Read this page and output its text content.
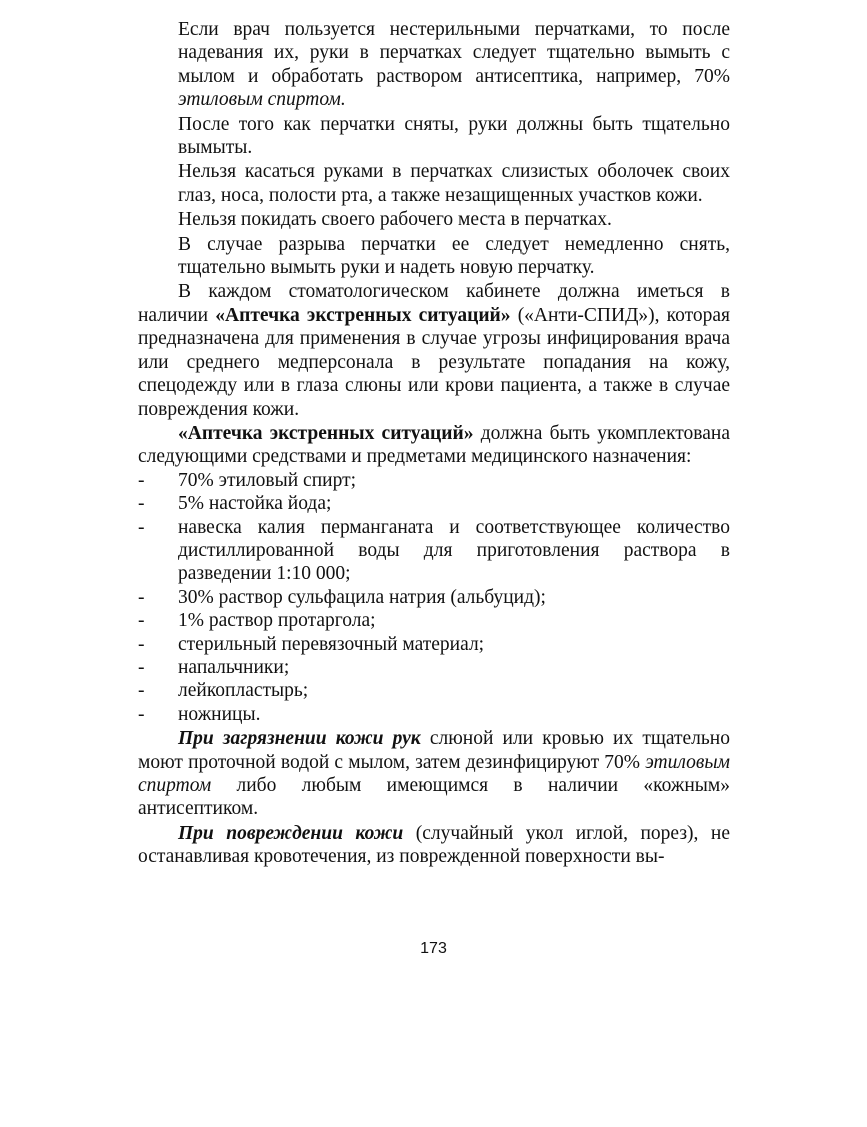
Если врач пользуется нестерильными перчатками, то после надевания их, руки в перчатках следует тщательно вымыть с мылом и обработать раствором антисептика, например, 70% этиловым спиртом.

После того как перчатки сняты, руки должны быть тщательно вымыты.

Нельзя касаться руками в перчатках слизистых оболочек своих глаз, носа, полости рта, а также незащищенных участков кожи.

Нельзя покидать своего рабочего места в перчатках.

В случае разрыва перчатки ее следует немедленно снять, тщательно вымыть руки и надеть новую перчатку.

В каждом стоматологическом кабинете должна иметься в наличии «Аптечка экстренных ситуаций» («Анти-СПИД»), которая предназначена для применения в случае угрозы инфицирования врача или среднего медперсонала в результате попадания на кожу, спецодежду или в глаза слюны или крови пациента, а также в случае повреждения кожи.

«Аптечка экстренных ситуаций» должна быть укомплектована следующими средствами и предметами медицинского назначения:

- 70% этиловый спирт;
- 5% настойка йода;
- навеска калия перманганата и соответствующее количество дистиллированной воды для приготовления раствора в разведении 1:10 000;
- 30% раствор сульфацила натрия (альбуцид);
- 1% раствор протаргола;
- стерильный перевязочный материал;
- напальчники;
- лейкопластырь;
- ножницы.

При загрязнении кожи рук слюной или кровью их тщательно моют проточной водой с мылом, затем дезинфицируют 70% этиловым спиртом либо любым имеющимся в наличии «кожным» антисептиком.

При повреждении кожи (случайный укол иглой, порез), не останавливая кровотечения, из поврежденной поверхности вы-

173
